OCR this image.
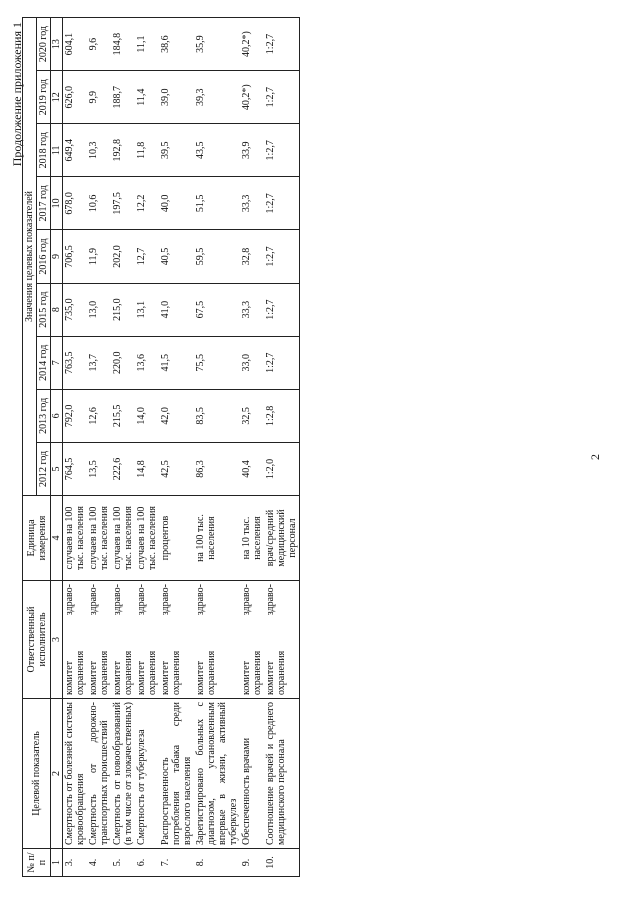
2
Продолжение приложения 1
№ п/п	Целевой показатель	Ответственный исполнитель	Единица измерения	Значения целевых показателей								
				2012 год	2013 год	2014 год	2015 год	2016 год	2017 год	2018 год	2019 год	2020 год
1	2	3	4	5	6	7	8	9	10	11	12	13
3.	Смертность от болезней системы кровообращения	комитет здраво-охранения	случаев на 100 тыс. населения	764,5	792,0	763,5	735,0	706,5	678,0	649,4	626,0	604,1
4.	Смертность от дорожно-транспортных происшествий	комитет здраво-охранения	случаев на 100 тыс. населения	13,5	12,6	13,7	13,0	11,9	10,6	10,3	9,9	9,6
5.	Смертность от новообразований (в том числе от злокачественных)	комитет здраво-охранения	случаев на 100 тыс. населения	222,6	215,5	220,0	215,0	202,0	197,5	192,8	188,7	184,8
6.	Смертность от туберкулеза	комитет здраво-охранения	случаев на 100 тыс. населения	14,8	14,0	13,6	13,1	12,7	12,2	11,8	11,4	11,1
7.	Распространенность потребления табака среди взрослого населения	комитет здраво-охранения	процентов	42,5	42,0	41,5	41,0	40,5	40,0	39,5	39,0	38,6
8.	Зарегистрировано больных с диагнозом, установленным впервые в жизни, активный туберкулез	комитет здраво-охранения	на 100 тыс. населения	86,3	83,5	75,5	67,5	59,5	51,5	43,5	39,3	35,9
9.	Обеспеченность врачами	комитет здраво-охранения	на 10 тыс. населения	40,4	32,5	33,0	33,3	32,8	33,3	33,9	40,2*)	40,2*)
10.	Соотношение врачей и среднего медицинского персонала	комитет здраво-охранения	врач/средний медицинский персонал	1:2,0	1:2,8	1:2,7	1:2,7	1:2,7	1:2,7	1:2,7	1:2,7	1:2,7
